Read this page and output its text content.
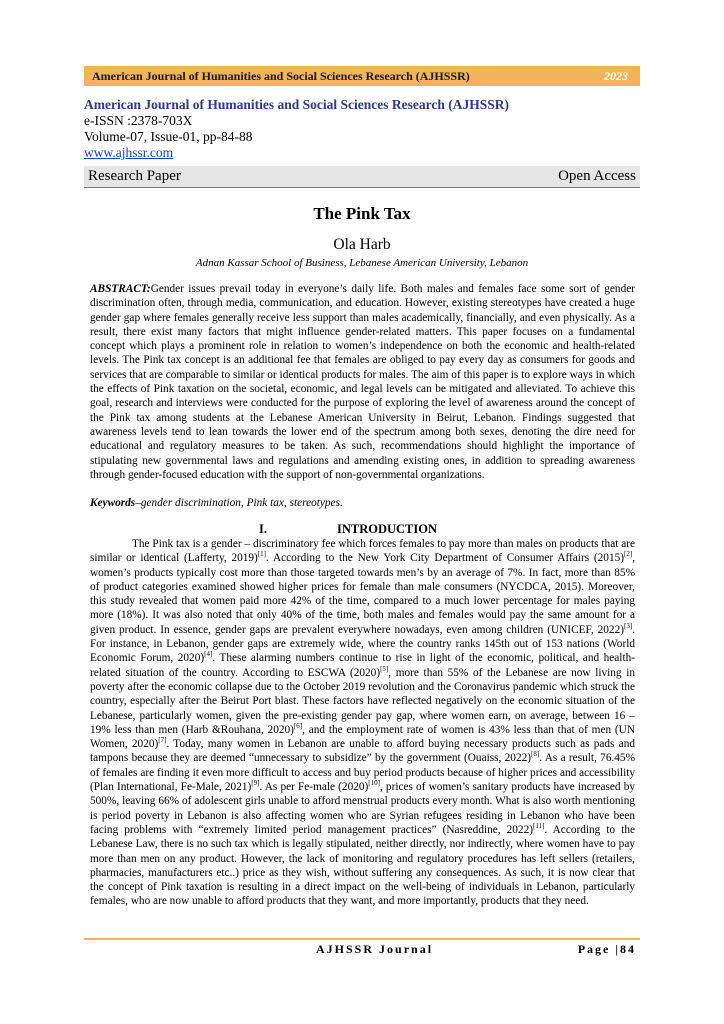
American Journal of Humanities and Social Sciences Research (AJHSSR)	2023
American Journal of Humanities and Social Sciences Research (AJHSSR)
e-ISSN :2378-703X
Volume-07, Issue-01, pp-84-88
www.ajhssr.com
Research Paper	Open Access
The Pink Tax
Ola Harb
Adnan Kassar School of Business, Lebanese American University, Lebanon
ABSTRACT:Gender issues prevail today in everyone’s daily life. Both males and females face some sort of gender discrimination often, through media, communication, and education. However, existing stereotypes have created a huge gender gap where females generally receive less support than males academically, financially, and even physically. As a result, there exist many factors that might influence gender-related matters. This paper focuses on a fundamental concept which plays a prominent role in relation to women’s independence on both the economic and health-related levels. The Pink tax concept is an additional fee that females are obliged to pay every day as consumers for goods and services that are comparable to similar or identical products for males. The aim of this paper is to explore ways in which the effects of Pink taxation on the societal, economic, and legal levels can be mitigated and alleviated. To achieve this goal, research and interviews were conducted for the purpose of exploring the level of awareness around the concept of the Pink tax among students at the Lebanese American University in Beirut, Lebanon. Findings suggested that awareness levels tend to lean towards the lower end of the spectrum among both sexes, denoting the dire need for educational and regulatory measures to be taken. As such, recommendations should highlight the importance of stipulating new governmental laws and regulations and amending existing ones, in addition to spreading awareness through gender-focused education with the support of non-governmental organizations.
Keywords–gender discrimination, Pink tax, stereotypes.
I.	INTRODUCTION
The Pink tax is a gender – discriminatory fee which forces females to pay more than males on products that are similar or identical (Lafferty, 2019)[1]. According to the New York City Department of Consumer Affairs (2015)[2], women’s products typically cost more than those targeted towards men’s by an average of 7%. In fact, more than 85% of product categories examined showed higher prices for female than male consumers (NYCDCA, 2015). Moreover, this study revealed that women paid more 42% of the time, compared to a much lower percentage for males paying more (18%). It was also noted that only 40% of the time, both males and females would pay the same amount for a given product. In essence, gender gaps are prevalent everywhere nowadays, even among children (UNICEF, 2022)[3]. For instance, in Lebanon, gender gaps are extremely wide, where the country ranks 145th out of 153 nations (World Economic Forum, 2020)[4]. These alarming numbers continue to rise in light of the economic, political, and health-related situation of the country. According to ESCWA (2020)[5], more than 55% of the Lebanese are now living in poverty after the economic collapse due to the October 2019 revolution and the Coronavirus pandemic which struck the country, especially after the Beirut Port blast. These factors have reflected negatively on the economic situation of the Lebanese, particularly women, given the pre-existing gender pay gap, where women earn, on average, between 16 – 19% less than men (Harb &Rouhana, 2020)[6], and the employment rate of women is 43% less than that of men (UN Women, 2020)[7]. Today, many women in Lebanon are unable to afford buying necessary products such as pads and tampons because they are deemed “unnecessary to subsidize” by the government (Ouaiss, 2022)[8]. As a result, 76.45% of females are finding it even more difficult to access and buy period products because of higher prices and accessibility (Plan International, Fe-Male, 2021)[9]. As per Fe-male (2020)[10], prices of women’s sanitary products have increased by 500%, leaving 66% of adolescent girls unable to afford menstrual products every month. What is also worth mentioning is period poverty in Lebanon is also affecting women who are Syrian refugees residing in Lebanon who have been facing problems with “extremely limited period management practices” (Nasreddine, 2022)[11]. According to the Lebanese Law, there is no such tax which is legally stipulated, neither directly, nor indirectly, where women have to pay more than men on any product. However, the lack of monitoring and regulatory procedures has left sellers (retailers, pharmacies, manufacturers etc..) price as they wish, without suffering any consequences. As such, it is now clear that the concept of Pink taxation is resulting in a direct impact on the well-being of individuals in Lebanon, particularly females, who are now unable to afford products that they want, and more importantly, products that they need.
AJHSSR Journal	Page |84
